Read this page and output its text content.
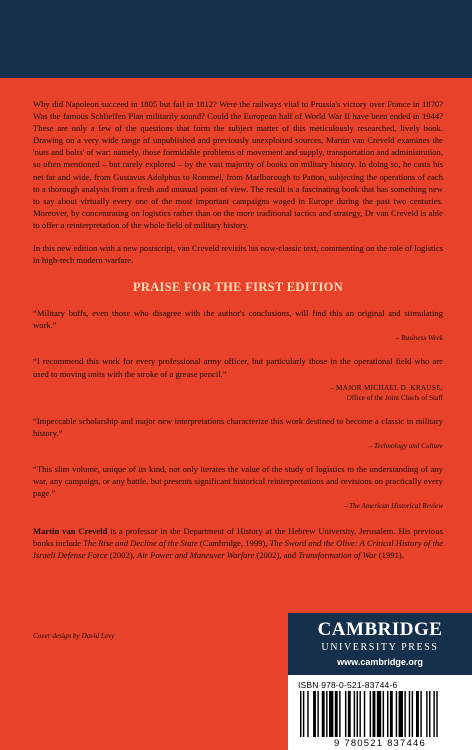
Why did Napoleon succeed in 1805 but fail in 1812? Were the railways vital to Prussia's victory over France in 1870? Was the famous Schlieffen Plan militarily sound? Could the European half of World War II have been ended in 1944? These are only a few of the questions that form the subject matter of this meticulously researched, lively book. Drawing on a very wide range of unpublished and previously unexploited sources, Martin van Creveld examines the 'nuts and bolts' of war: namely, those formidable problems of movement and supply, transportation and administration, so often mentioned – but rarely explored – by the vast majority of books on military history. In doing so, he casts his net far and wide, from Gustavus Adolphus to Rommel, from Marlborough to Patton, subjecting the operations of each to a thorough analysis from a fresh and unusual point of view. The result is a fascinating book that has something new to say about virtually every one of the most important campaigns waged in Europe during the past two centuries. Moreover, by concentrating on logistics rather than on the more traditional tactics and strategy, Dr van Creveld is able to offer a reinterpretation of the whole field of military history.

In this new edition with a new postscript, van Creveld revisits his now-classic text, commenting on the role of logistics in high-tech modern warfare.

PRAISE FOR THE FIRST EDITION

“Military buffs, even those who disagree with the author's conclusions, will find this an original and stimulating work.”

– Business Week

“I recommend this work for every professional army officer, but particularly those in the operational field who are used to moving units with the stroke of a grease pencil.”

– MAJOR MICHAEL D. KRAUSE,
Office of the Joint Chiefs of Staff

“Impeccable scholarship and major new interpretations characterize this work destined to become a classic in military history.”

– Technology and Culture

“This slim volume, unique of its kind, not only iterates the value of the study of logistics to the understanding of any war, any campaign, or any battle, but presents significant historical reinterpretations and revisions on practically every page.”

– The American Historical Review

Martin van Creveld is a professor in the Department of History at the Hebrew University, Jerusalem. His previous books include The Rise and Decline of the State (Cambridge, 1999), The Sword and the Olive: A Critical History of the Israeli Defense Force (2002), Air Power and Maneuver Warfare (2002), and Transformation of War (1991).

Cover design by David Levy	CAMBRIDGE
UNIVERSITY PRESS
www.cambridge.org
ISBN 978-0-521-83744-6
9 780521 837446
